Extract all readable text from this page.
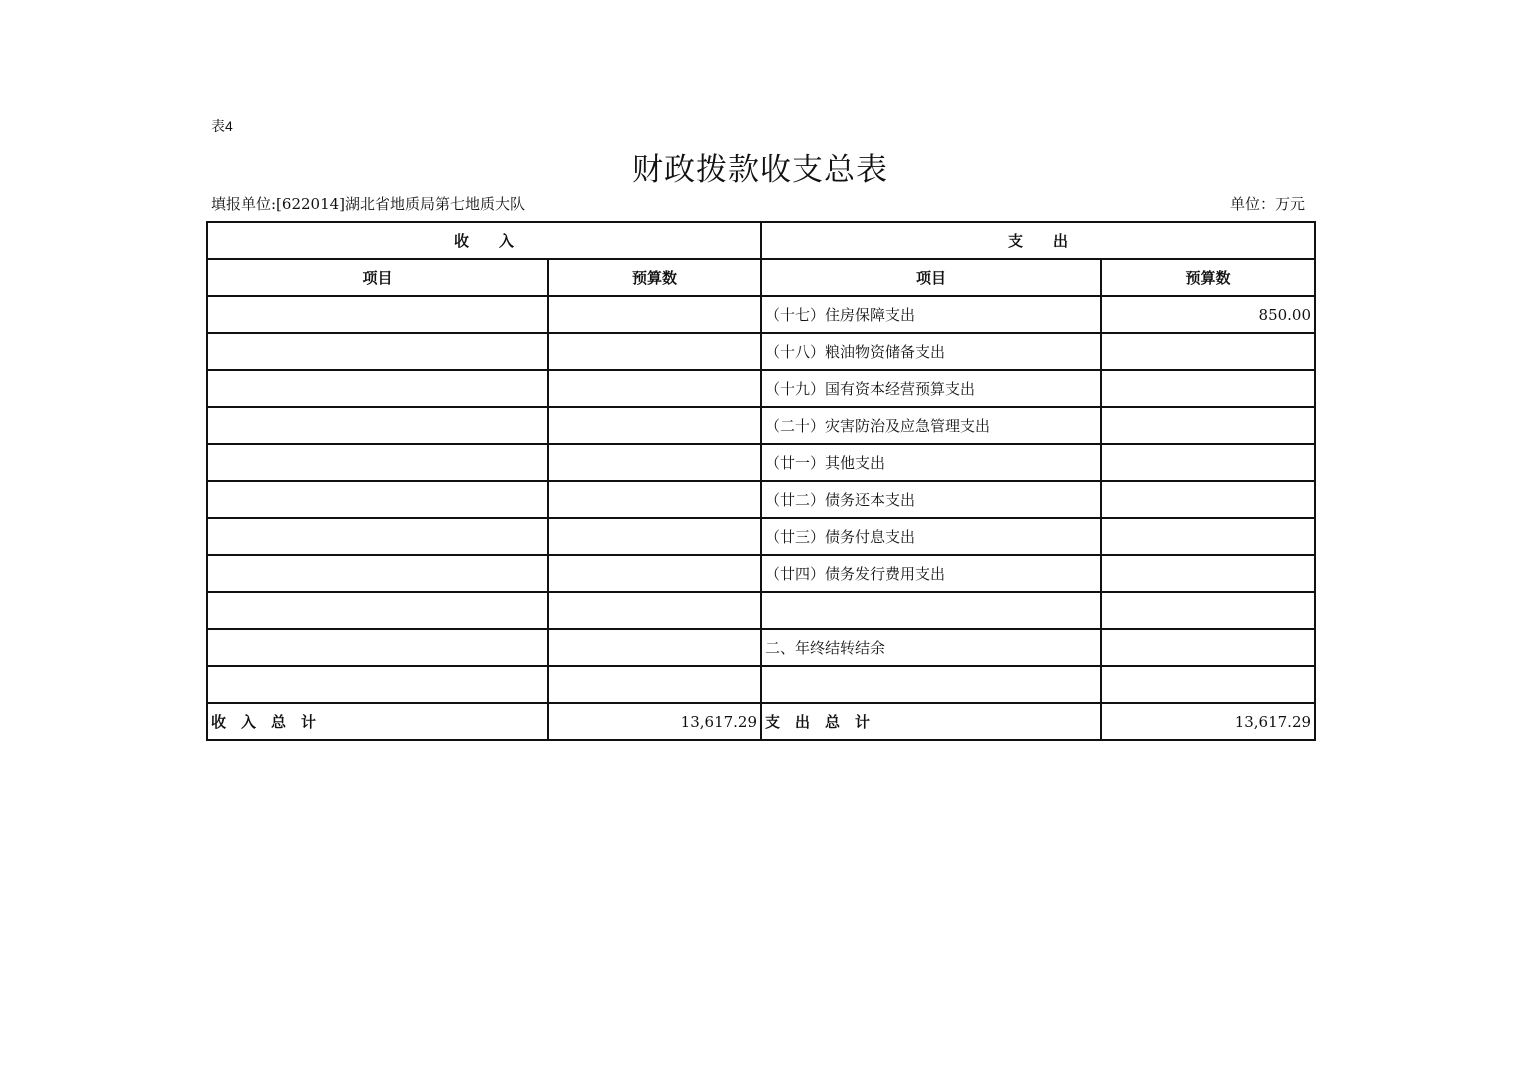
表4
财政拨款收支总表
填报单位:[622014]湖北省地质局第七地质大队	单位：万元
收　　入		支　　出	
项目	预算数	项目	预算数
		（十七）住房保障支出	850.00
		（十八）粮油物资储备支出	
		（十九）国有资本经营预算支出	
		（二十）灾害防治及应急管理支出	
		（廿一）其他支出	
		（廿二）债务还本支出	
		（廿三）债务付息支出	
		（廿四）债务发行费用支出	

		二、年终结转结余	

收　入　总　计	13,617.29	支　出　总　计	13,617.29
